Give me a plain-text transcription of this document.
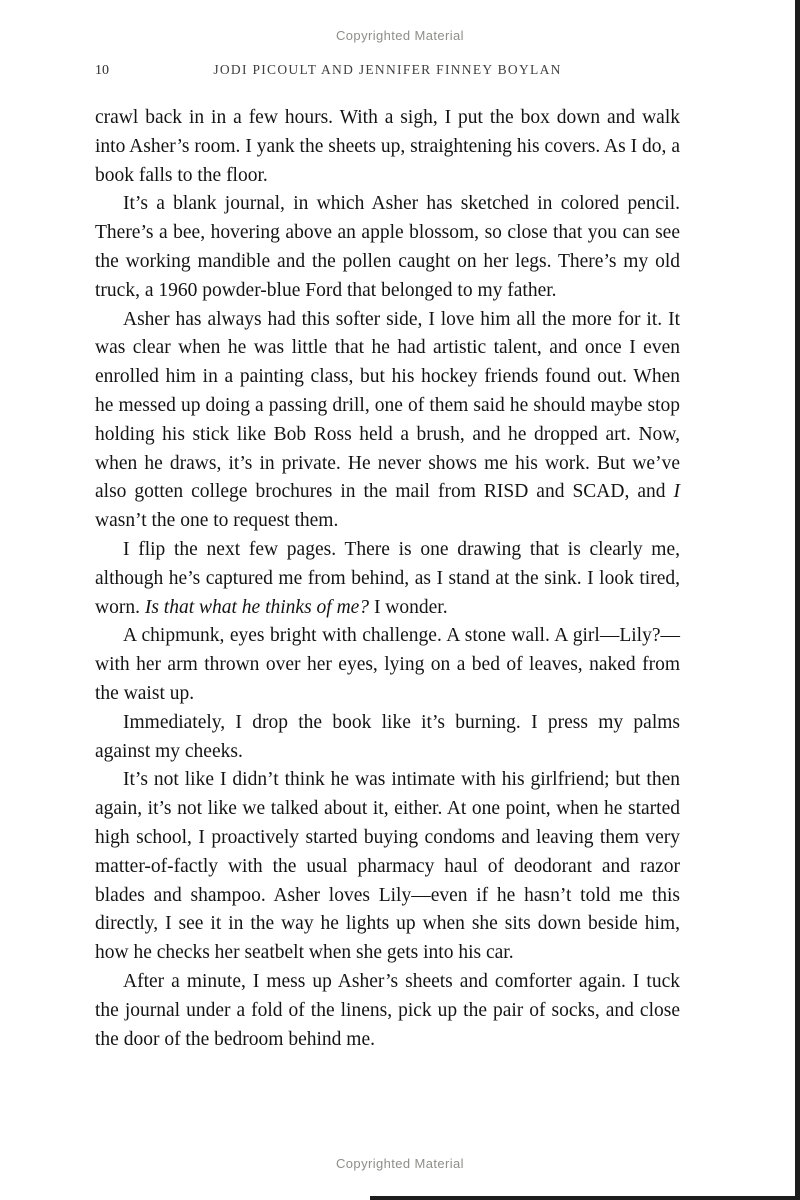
Copyrighted Material
10	JODI PICOULT AND JENNIFER FINNEY BOYLAN

crawl back in in a few hours. With a sigh, I put the box down and walk into Asher’s room. I yank the sheets up, straightening his covers. As I do, a book falls to the floor.

It’s a blank journal, in which Asher has sketched in colored pencil. There’s a bee, hovering above an apple blossom, so close that you can see the working mandible and the pollen caught on her legs. There’s my old truck, a 1960 powder-blue Ford that belonged to my father.

Asher has always had this softer side, I love him all the more for it. It was clear when he was little that he had artistic talent, and once I even enrolled him in a painting class, but his hockey friends found out. When he messed up doing a passing drill, one of them said he should maybe stop holding his stick like Bob Ross held a brush, and he dropped art. Now, when he draws, it’s in private. He never shows me his work. But we’ve also gotten college brochures in the mail from RISD and SCAD, and I wasn’t the one to request them.

I flip the next few pages. There is one drawing that is clearly me, although he’s captured me from behind, as I stand at the sink. I look tired, worn. Is that what he thinks of me? I wonder.

A chipmunk, eyes bright with challenge. A stone wall. A girl—Lily?—with her arm thrown over her eyes, lying on a bed of leaves, naked from the waist up.

Immediately, I drop the book like it’s burning. I press my palms against my cheeks.

It’s not like I didn’t think he was intimate with his girlfriend; but then again, it’s not like we talked about it, either. At one point, when he started high school, I proactively started buying condoms and leaving them very matter-of-factly with the usual pharmacy haul of deodorant and razor blades and shampoo. Asher loves Lily—even if he hasn’t told me this directly, I see it in the way he lights up when she sits down beside him, how he checks her seatbelt when she gets into his car.

After a minute, I mess up Asher’s sheets and comforter again. I tuck the journal under a fold of the linens, pick up the pair of socks, and close the door of the bedroom behind me.

Copyrighted Material
